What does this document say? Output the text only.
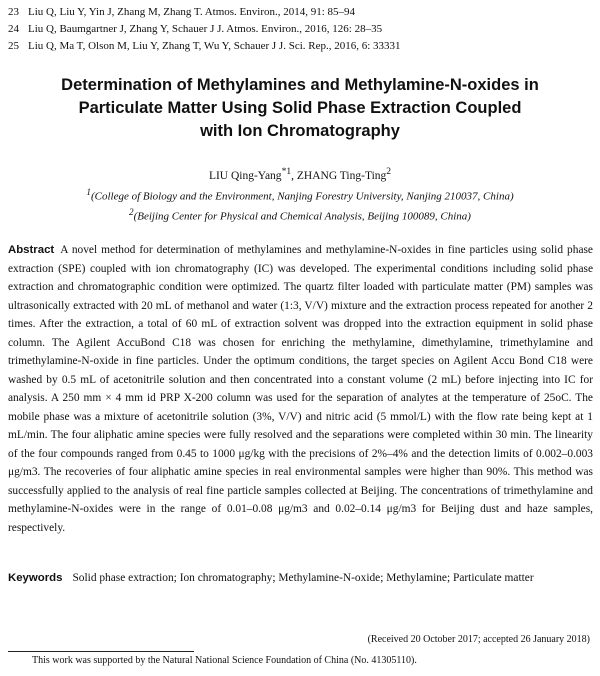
23 Liu Q, Liu Y, Yin J, Zhang M, Zhang T. Atmos. Environ., 2014, 91: 85–94
24 Liu Q, Baumgartner J, Zhang Y, Schauer J J. Atmos. Environ., 2016, 126: 28–35
25 Liu Q, Ma T, Olson M, Liu Y, Zhang T, Wu Y, Schauer J J. Sci. Rep., 2016, 6: 33331
Determination of Methylamines and Methylamine-N-oxides in
Particulate Matter Using Solid Phase Extraction Coupled
with Ion Chromatography
LIU Qing-Yang$^{*1}$, ZHANG Ting-Ting$^2$
$^1$(College of Biology and the Environment, Nanjing Forestry University, Nanjing 210037, China)
$^2$(Beijing Center for Physical and Chemical Analysis, Beijing 100089, China)
Abstract A novel method for determination of methylamines and methylamine-N-oxides in fine particles using solid phase extraction (SPE) coupled with ion chromatography (IC) was developed. The experimental conditions including solid phase extraction and chromatographic condition were optimized. The quartz filter loaded with particulate matter (PM) samples was ultrasonically extracted with 20 mL of methanol and water (1:3, V/V) mixture and the extraction process repeated for another 2 times. After the extraction, a total of 60 mL of extraction solvent was dropped into the extraction equipment in solid phase column. The Agilent AccuBond C18 was chosen for enriching the methylamine, dimethylamine, trimethylamine and trimethylamine-N-oxide in fine particles. Under the optimum conditions, the target species on Agilent Accu Bond C18 were washed by 0.5 mL of acetonitrile solution and then concentrated into a constant volume (2 mL) before injecting into IC for analysis. A 250 mm × 4 mm id PRP X-200 column was used for the separation of analytes at the temperature of 25oC. The mobile phase was a mixture of acetonitrile solution (3%, V/V) and nitric acid (5 mmol/L) with the flow rate being kept at 1 mL/min. The four aliphatic amine species were fully resolved and the separations were completed within 30 min. The linearity of the four compounds ranged from 0.45 to 1000 μg/kg with the precisions of 2%–4% and the detection limits of 0.002–0.003 μg/m3. The recoveries of four aliphatic amine species in real environmental samples were higher than 90%. This method was successfully applied to the analysis of real fine particle samples collected at Beijing. The concentrations of trimethylamine and methylamine-N-oxides were in the range of 0.01–0.08 μg/m3 and 0.02–0.14 μg/m3 for Beijing dust and haze samples, respectively.
Keywords Solid phase extraction; Ion chromatography; Methylamine-N-oxide; Methylamine; Particulate matter
(Received 20 October 2017; accepted 26 January 2018)
This work was supported by the Natural National Science Foundation of China (No. 41305110).
